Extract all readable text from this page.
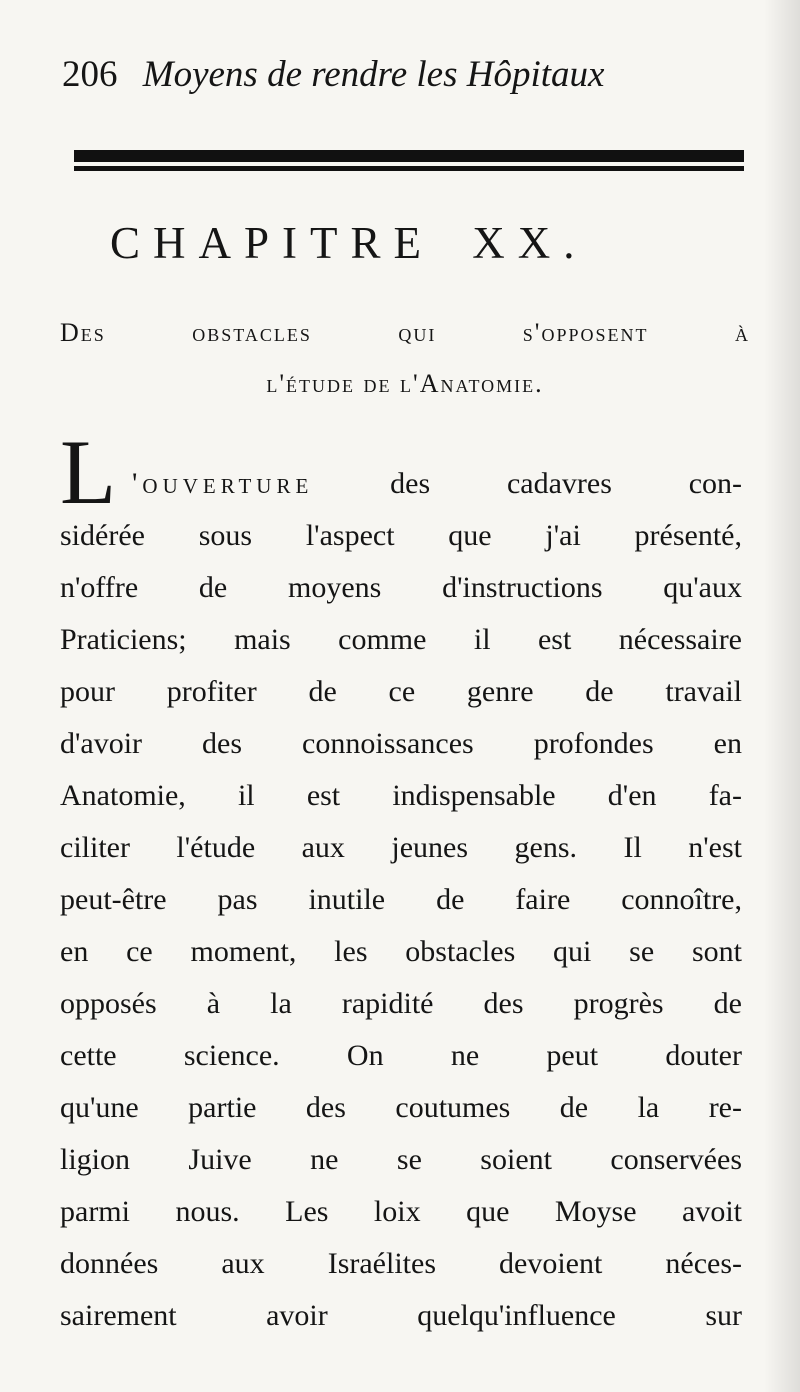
206 Moyens de rendre les Hôpitaux
CHAPITRE XX.
Des obstacles qui s'opposent à
l'étude de l'Anatomie.
L 'ouverture	des cadavres con-
sidérée sous l'aspect que j'ai présenté,
n'offre de moyens d'instructions qu'aux
Praticiens; mais comme il est nécessaire
pour profiter de ce genre de travail
d'avoir des connoissances profondes en
Anatomie, il est indispensable d'en fa-
ciliter l'étude aux jeunes gens. Il n'est
peut-être pas inutile de faire connoître,
en ce moment, les obstacles qui se sont
opposés à la rapidité des progrès de
cette science. On ne peut douter
qu'une partie des coutumes de la re-
ligion Juive ne se soient conservées
parmi nous. Les loix que Moyse avoit
données aux Israélites devoient néces-
sairement avoir quelqu'influence sur
